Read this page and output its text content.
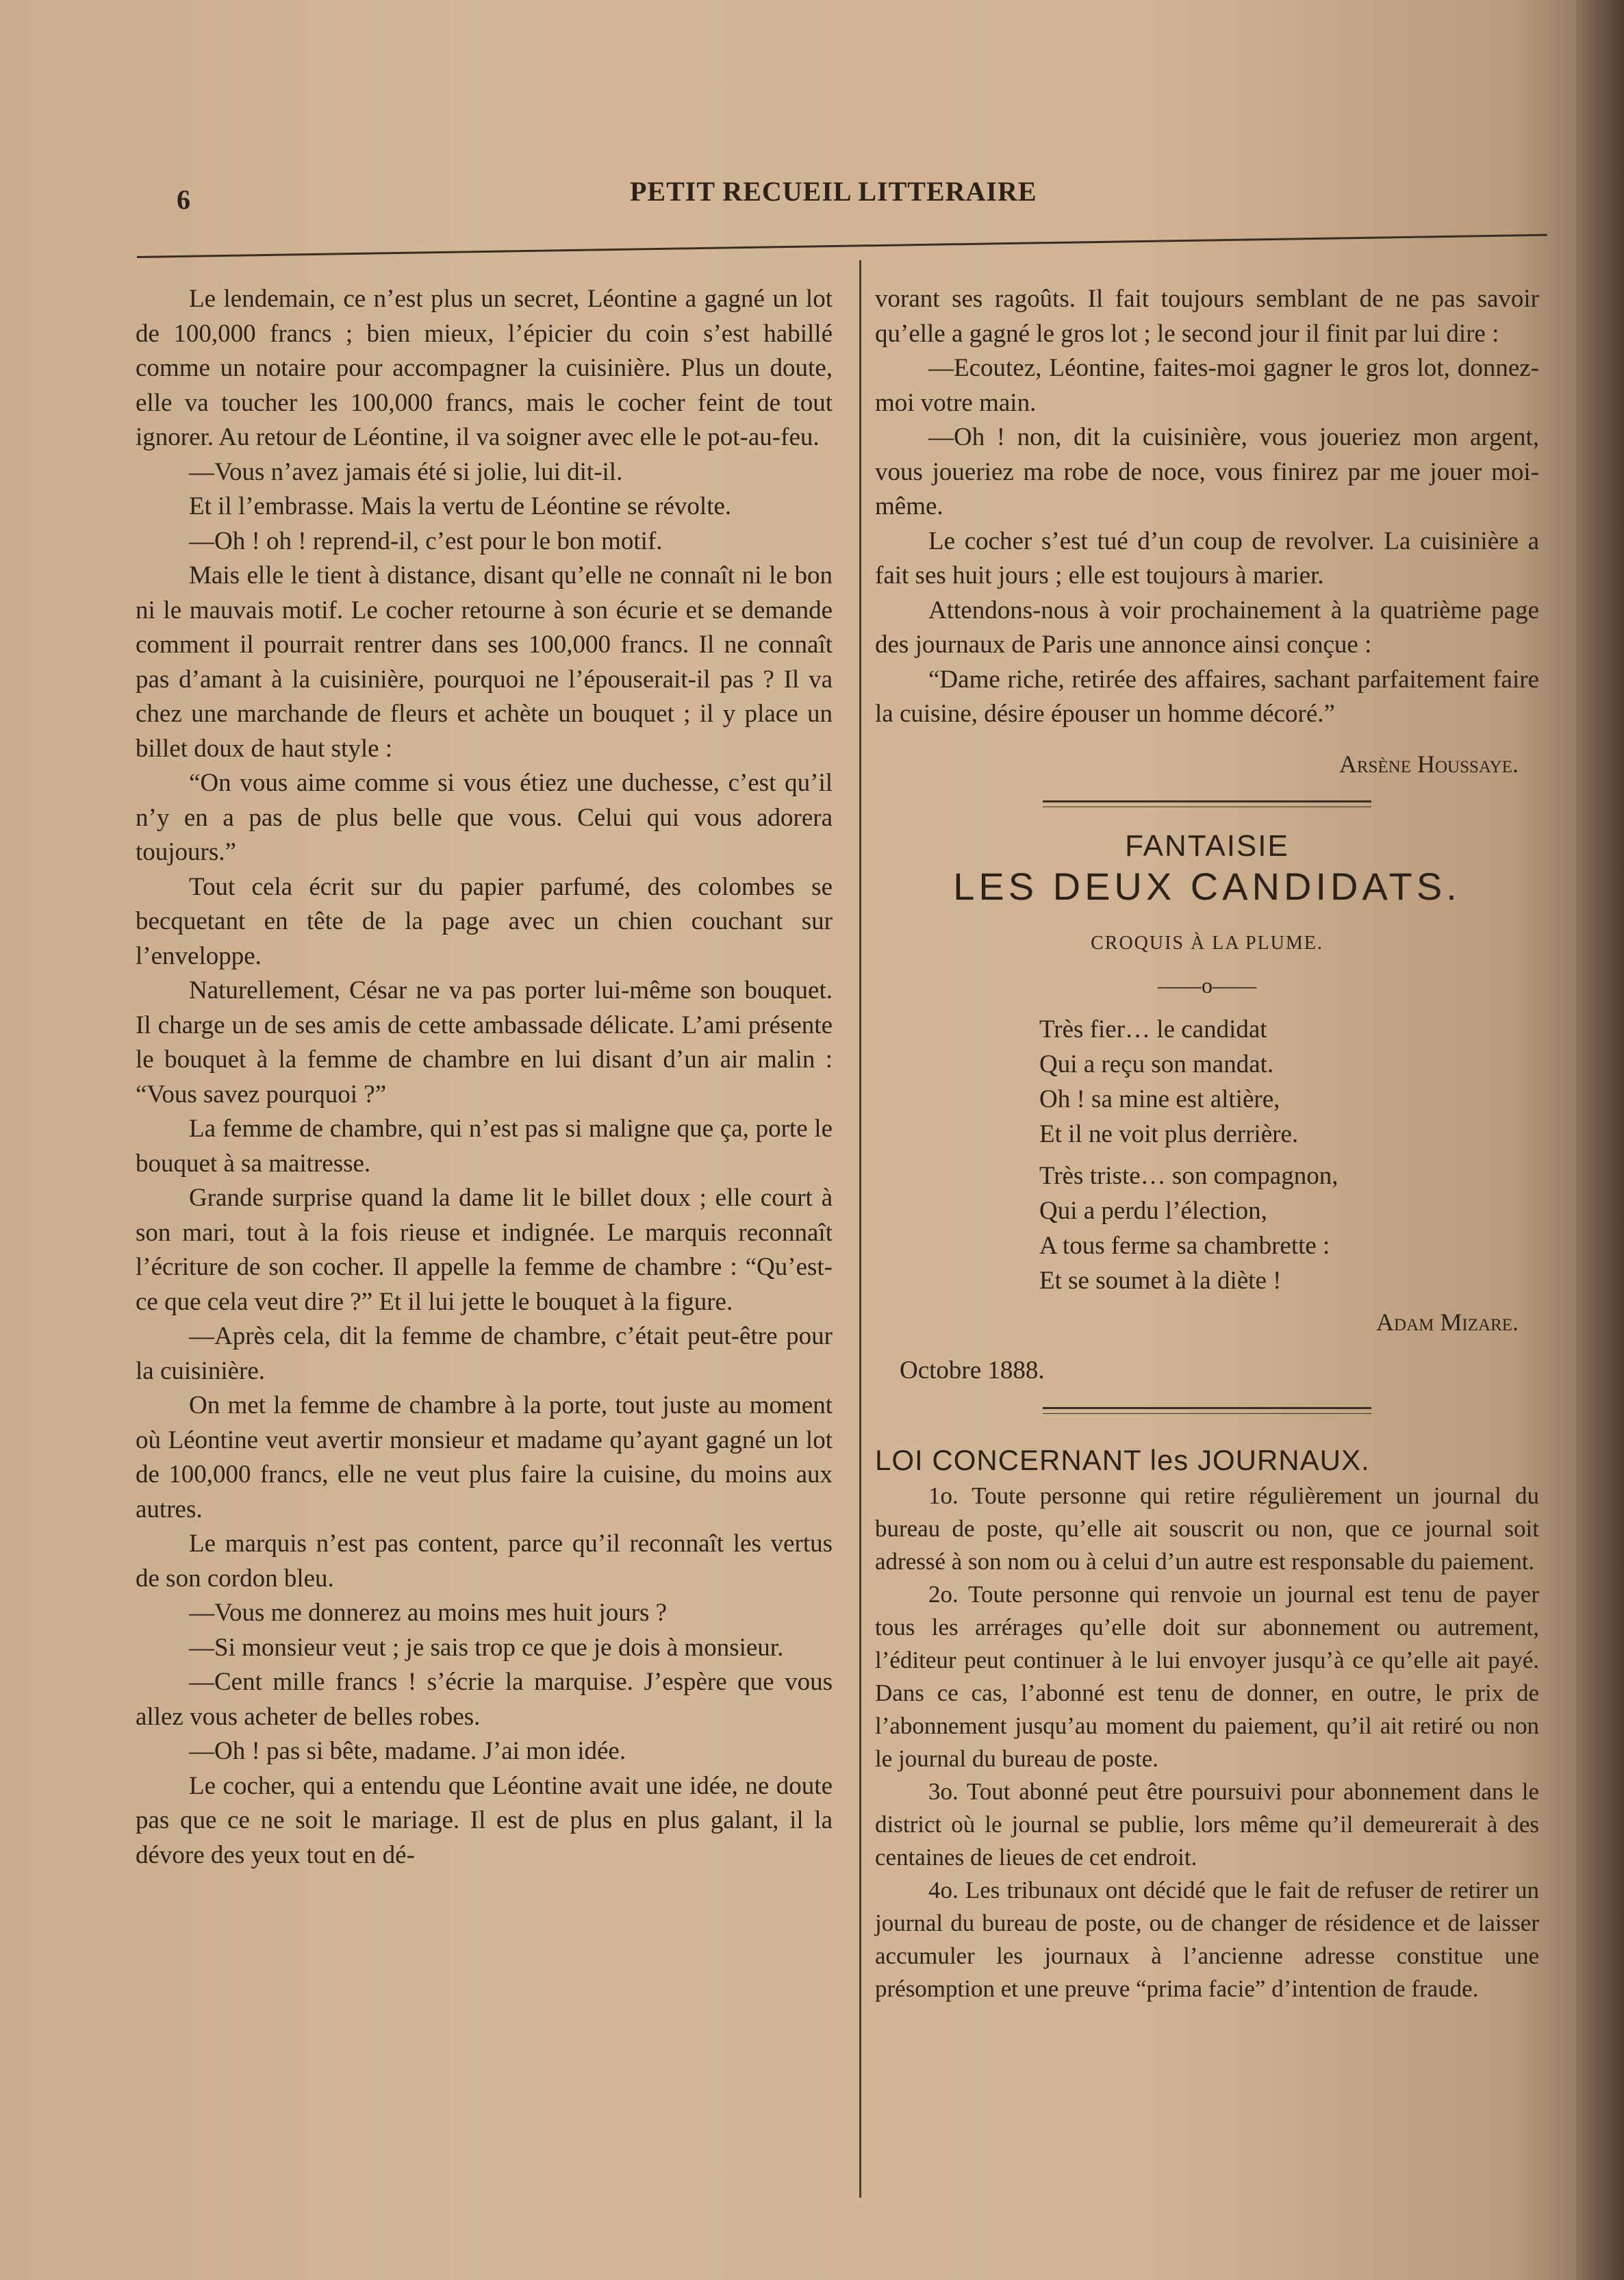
6	PETIT RECUEIL LITTERAIRE

Le lendemain, ce n’est plus un secret, Léontine a gagné un lot de 100,000 francs ; bien mieux, l’épicier du coin s’est habillé comme un notaire pour accompagner la cuisinière. Plus un doute, elle va toucher les 100,000 francs, mais le cocher feint de tout ignorer. Au retour de Léontine, il va soigner avec elle le pot-au-feu.

—Vous n’avez jamais été si jolie, lui dit-il.

Et il l’embrasse. Mais la vertu de Léontine se révolte.

—Oh ! oh ! reprend-il, c’est pour le bon motif.

Mais elle le tient à distance, disant qu’elle ne connaît ni le bon ni le mauvais motif. Le cocher retourne à son écurie et se demande comment il pourrait rentrer dans ses 100,000 francs. Il ne connaît pas d’amant à la cuisinière, pourquoi ne l’épouserait-il pas ? Il va chez une marchande de fleurs et achète un bouquet ; il y place un billet doux de haut style :

“On vous aime comme si vous étiez une duchesse, c’est qu’il n’y en a pas de plus belle que vous. Celui qui vous adorera toujours.”

Tout cela écrit sur du papier parfumé, des colombes se becquetant en tête de la page avec un chien couchant sur l’enveloppe.

Naturellement, César ne va pas porter lui-même son bouquet. Il charge un de ses amis de cette ambassade délicate. L’ami présente le bouquet à la femme de chambre en lui disant d’un air malin : “Vous savez pourquoi ?”

La femme de chambre, qui n’est pas si maligne que ça, porte le bouquet à sa maitresse.

Grande surprise quand la dame lit le billet doux ; elle court à son mari, tout à la fois rieuse et indignée. Le marquis reconnaît l’écriture de son cocher. Il appelle la femme de chambre : “Qu’est-ce que cela veut dire ?” Et il lui jette le bouquet à la figure.

—Après cela, dit la femme de chambre, c’était peut-être pour la cuisinière.

On met la femme de chambre à la porte, tout juste au moment où Léontine veut avertir monsieur et madame qu’ayant gagné un lot de 100,000 francs, elle ne veut plus faire la cuisine, du moins aux autres.

Le marquis n’est pas content, parce qu’il reconnaît les vertus de son cordon bleu.

—Vous me donnerez au moins mes huit jours ?

—Si monsieur veut ; je sais trop ce que je dois à monsieur.

—Cent mille francs ! s’écrie la marquise. J’espère que vous allez vous acheter de belles robes.

—Oh ! pas si bête, madame. J’ai mon idée.

Le cocher, qui a entendu que Léontine avait une idée, ne doute pas que ce ne soit le mariage. Il est de plus en plus galant, il la dévore des yeux tout en dé-

vorant ses ragoûts. Il fait toujours semblant de ne pas savoir qu’elle a gagné le gros lot ; le second jour il finit par lui dire :

—Ecoutez, Léontine, faites-moi gagner le gros lot, donnez-moi votre main.

—Oh ! non, dit la cuisinière, vous joueriez mon argent, vous joueriez ma robe de noce, vous finirez par me jouer moi-même.

Le cocher s’est tué d’un coup de revolver. La cuisinière a fait ses huit jours ; elle est toujours à marier.

Attendons-nous à voir prochainement à la quatrième page des journaux de Paris une annonce ainsi conçue :

“Dame riche, retirée des affaires, sachant parfaitement faire la cuisine, désire épouser un homme décoré.”

Arsène Houssaye.
FANTAISIE
LES DEUX CANDIDATS.
CROQUIS À LA PLUME.
——o——
Très fier… le candidat
Qui a reçu son mandat.
Oh ! sa mine est altière,
Et il ne voit plus derrière.
Très triste… son compagnon,
Qui a perdu l’élection,
A tous ferme sa chambrette :
Et se soumet à la diète !
Adam Mizare.
Octobre 1888.
LOI CONCERNANT les JOURNAUX.

1o. Toute personne qui retire régulièrement un journal du bureau de poste, qu’elle ait souscrit ou non, que ce journal soit adressé à son nom ou à celui d’un autre est responsable du paiement.

2o. Toute personne qui renvoie un journal est tenu de payer tous les arrérages qu’elle doit sur abonnement ou autrement, l’éditeur peut continuer à le lui envoyer jusqu’à ce qu’elle ait payé. Dans ce cas, l’abonné est tenu de donner, en outre, le prix de l’abonnement jusqu’au moment du paiement, qu’il ait retiré ou non le journal du bureau de poste.

3o. Tout abonné peut être poursuivi pour abonnement dans le district où le journal se publie, lors même qu’il demeurerait à des centaines de lieues de cet endroit.

4o. Les tribunaux ont décidé que le fait de refuser de retirer un journal du bureau de poste, ou de changer de résidence et de laisser accumuler les journaux à l’ancienne adresse constitue une présomption et une preuve “prima facie” d’intention de fraude.
